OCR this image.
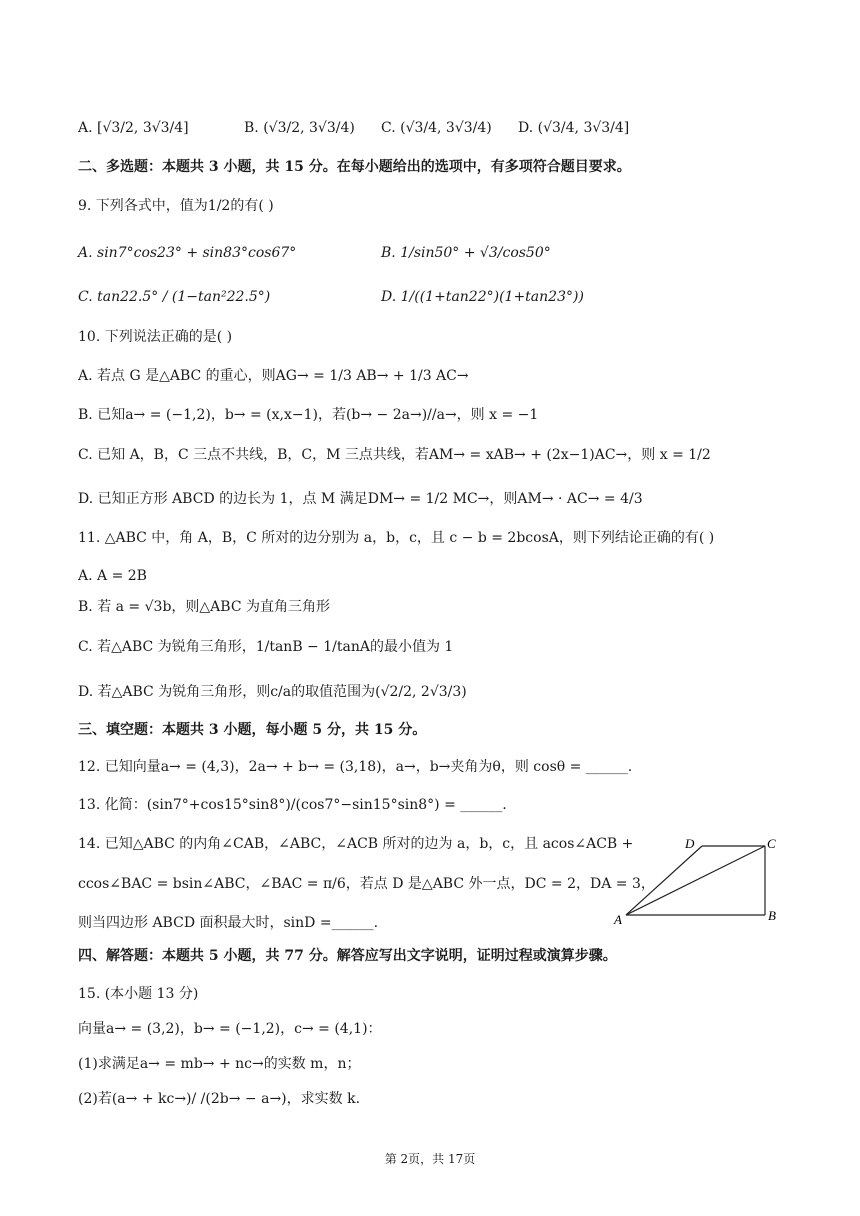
A. [√3/2, 3√3/4]	B. (√3/2, 3√3/4) C. (√3/4, 3√3/4) D. (√3/4, 3√3/4]
二、多选题：本题共 3 小题，共 15 分。在每小题给出的选项中，有多项符合题目要求。
9. 下列各式中，值为1/2的有( )
A. sin7°cos23° + sin83°cos67°	B. 1/sin50° + √3/cos50°
C. tan22.5° / (1−tan²22.5°)	D. 1/((1+tan22°)(1+tan23°))
10. 下列说法正确的是( )
A. 若点 G 是△ABC 的重心，则AG→ = 1/3 AB→ + 1/3 AC→
B. 已知a→ = (−1,2)，b→ = (x,x−1)，若(b→ − 2a→)//a→，则 x = −1
C. 已知 A，B，C 三点不共线，B，C，M 三点共线，若AM→ = xAB→ + (2x−1)AC→，则 x = 1/2
D. 已知正方形 ABCD 的边长为 1，点 M 满足DM→ = 1/2 MC→，则AM→ · AC→ = 4/3
11. △ABC 中，角 A，B，C 所对的边分别为 a，b，c，且 c − b = 2bcosA，则下列结论正确的有( )
A. A = 2B
B. 若 a = √3b，则△ABC 为直角三角形
C. 若△ABC 为锐角三角形，1/tanB − 1/tanA的最小值为 1
D. 若△ABC 为锐角三角形，则c/a的取值范围为(√2/2, 2√3/3)
三、填空题：本题共 3 小题，每小题 5 分，共 15 分。
12. 已知向量a→ = (4,3)，2a→ + b→ = (3,18)，a→，b→夹角为θ，则 cosθ = ______.
13. 化简：(sin7°+cos15°sin8°)/(cos7°−sin15°sin8°) = ______.
14. 已知△ABC 的内角∠CAB，∠ABC，∠ACB 所对的边为 a，b，c，且 acos∠ACB +
ccos∠BAC = bsin∠ABC，∠BAC = π/6，若点 D 是△ABC 外一点，DC = 2，DA = 3，
则当四边形 ABCD 面积最大时，sinD =______.
D	C
A	B
四、解答题：本题共 5 小题，共 77 分。解答应写出文字说明，证明过程或演算步骤。
15. (本小题 13 分)
向量a→ = (3,2)，b→ = (−1,2)，c→ = (4,1)：
(1)求满足a→ = mb→ + nc→的实数 m，n；
(2)若(a→ + kc→)/ /(2b→ − a→)，求实数 k.
第 2页，共 17页
